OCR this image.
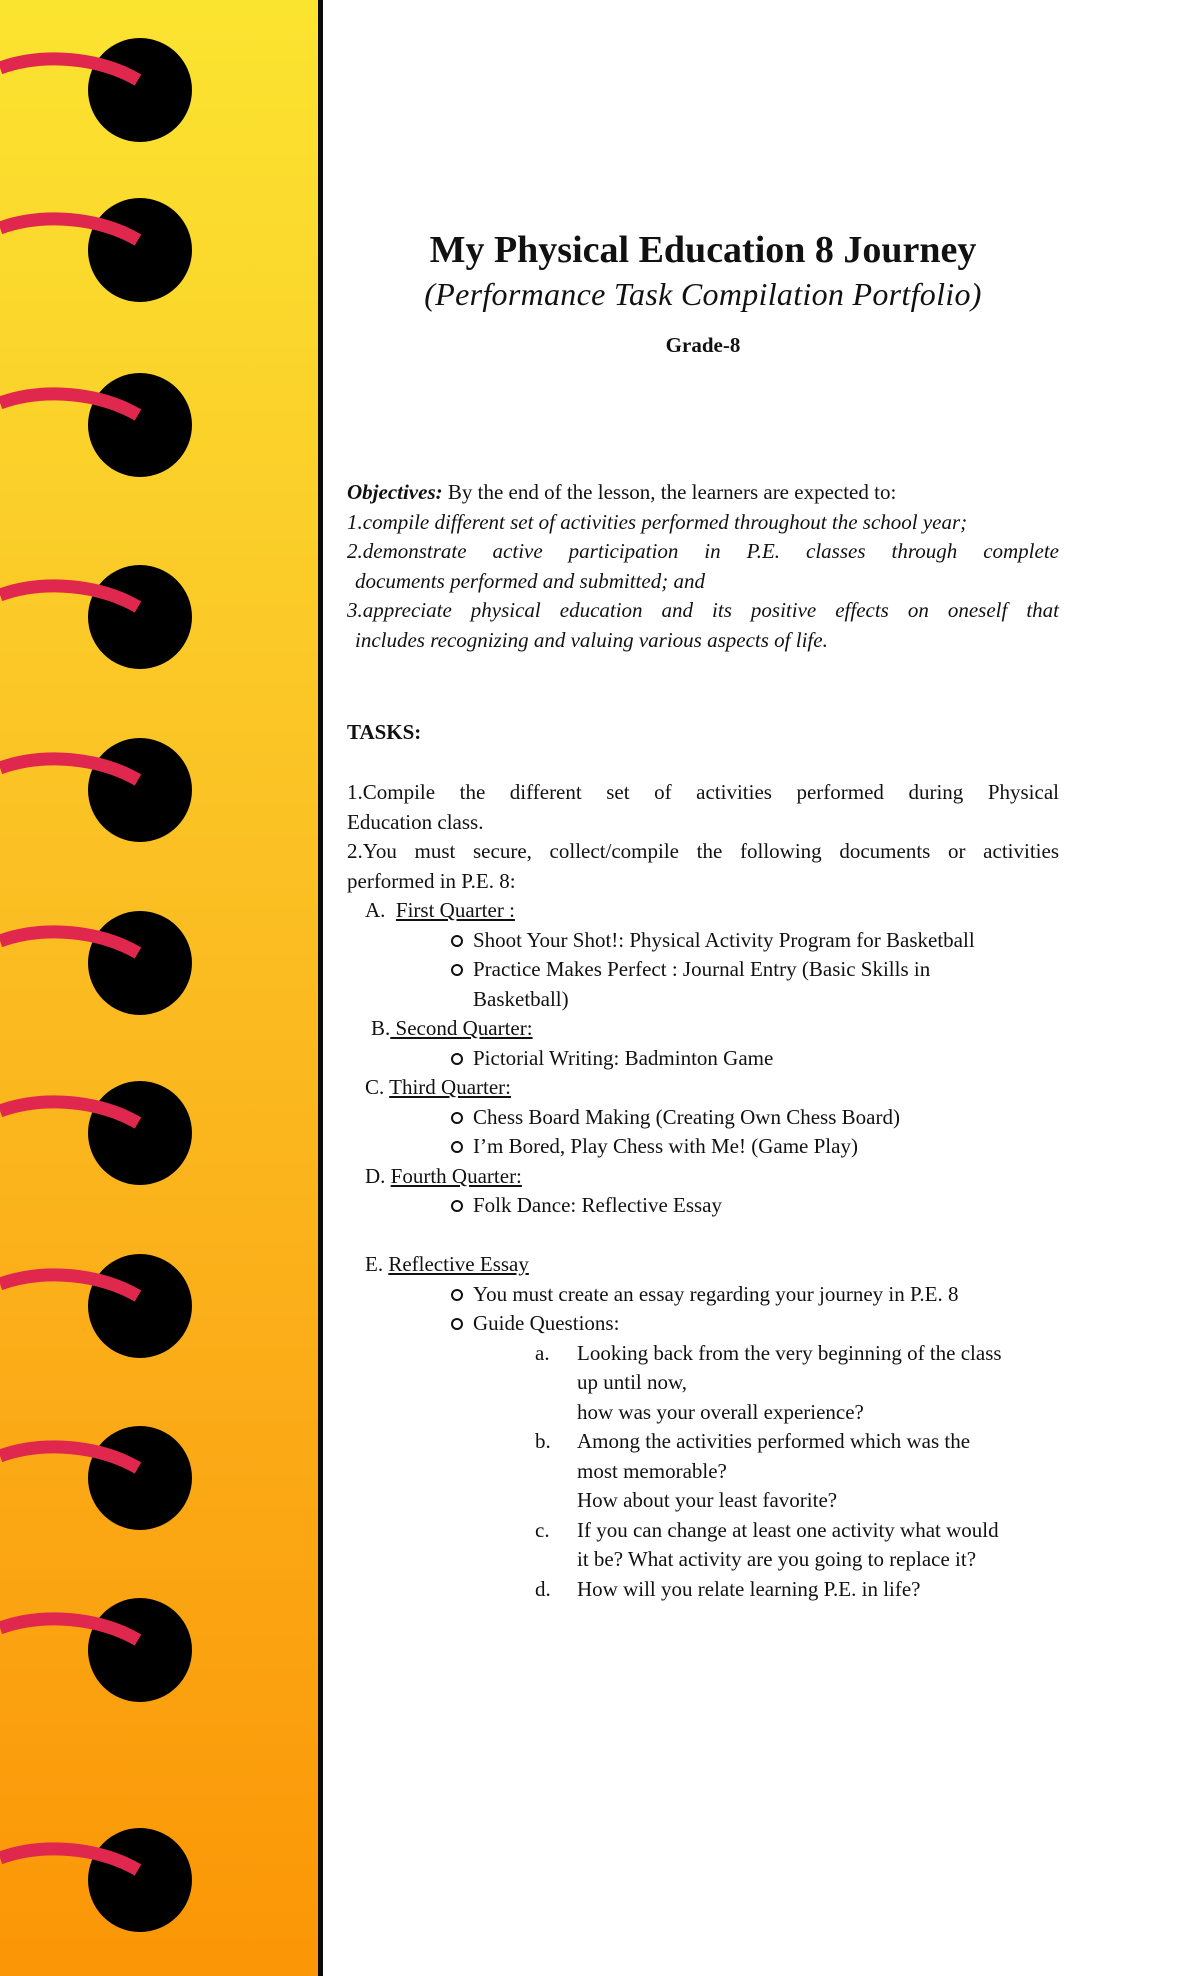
My Physical Education 8 Journey
(Performance Task Compilation Portfolio)
Grade-8
Objectives: By the end of the lesson, the learners are expected to:
1.compile different set of activities performed throughout the school year;
2.demonstrate active participation in P.E. classes through complete
documents performed and submitted; and
3.appreciate physical education and its positive effects on oneself that
includes recognizing and valuing various aspects of life.
TASKS:
1.Compile the different set of activities performed during Physical
Education class.
2.You must secure, collect/compile the following documents or activities
performed in P.E. 8:
A. First Quarter :
Shoot Your Shot!: Physical Activity Program for Basketball
Practice Makes Perfect : Journal Entry (Basic Skills in
Basketball)
B. Second Quarter:
Pictorial Writing: Badminton Game
C. Third Quarter:
Chess Board Making (Creating Own Chess Board)
I’m Bored, Play Chess with Me! (Game Play)
D. Fourth Quarter:
Folk Dance: Reflective Essay
E. Reflective Essay
You must create an essay regarding your journey in P.E. 8
Guide Questions:
a. Looking back from the very beginning of the class
up until now,
how was your overall experience?
b. Among the activities performed which was the
most memorable?
How about your least favorite?
c. If you can change at least one activity what would
it be? What activity are you going to replace it?
d. How will you relate learning P.E. in life?
